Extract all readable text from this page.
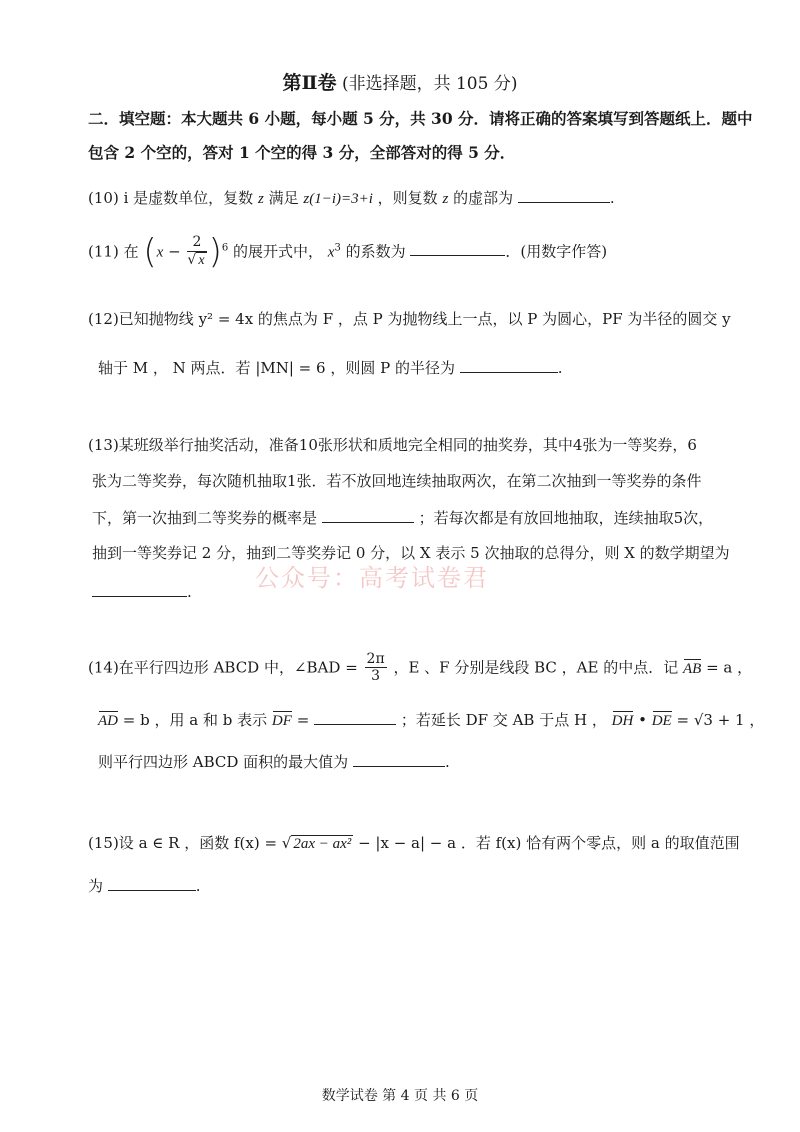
第Ⅱ卷 (非选择题，共 105 分)
二．填空题：本大题共 6 小题，每小题 5 分，共 30 分．请将正确的答案填写到答题纸上．题中
包含 2 个空的，答对 1 个空的得 3 分，全部答对的得 5 分．
(10) i 是虚数单位，复数 z 满足 z(1−i)=3+i ，则复数 z 的虚部为	.
(11) 在 $(x - \frac{2}{√ x} )^6$ 的展开式中， $x^3$ 的系数为	．(用数字作答)
(12)已知抛物线 y² = 4x 的焦点为 F ，点 P 为抛物线上一点，以 P 为圆心，PF 为半径的圆交 y
轴于 M ， N 两点．若 |MN| = 6 ，则圆 P 的半径为	.
(13)某班级举行抽奖活动，准备10张形状和质地完全相同的抽奖券，其中4张为一等奖券，6
张为二等奖券，每次随机抽取1张．若不放回地连续抽取两次，在第二次抽到一等奖券的条件
下，第一次抽到二等奖券的概率是	；若每次都是有放回地抽取，连续抽取5次，
抽到一等奖券记 2 分，抽到二等奖券记 0 分，以 X 表示 5 次抽取的总得分，则 X 的数学期望为
.	公众号：高考试卷君
(14)在平行四边形 ABCD 中，∠BAD = $\frac{2\pi}{3}$ ，E 、F 分别是线段 BC ，AE 的中点．记 AB = a ，
AD = b ，用 a 和 b 表示 DF =	；若延长 DF 交 AB 于点 H ， DH • DE = √3 + 1 ，
则平行四边形 ABCD 面积的最大值为	.
(15)设 a ∈ R ，函数 f(x) = √ 2ax − ax² − |x − a| − a ．若 f(x) 恰有两个零点，则 a 的取值范围
为	.
数学试卷 第 4 页 共 6 页
